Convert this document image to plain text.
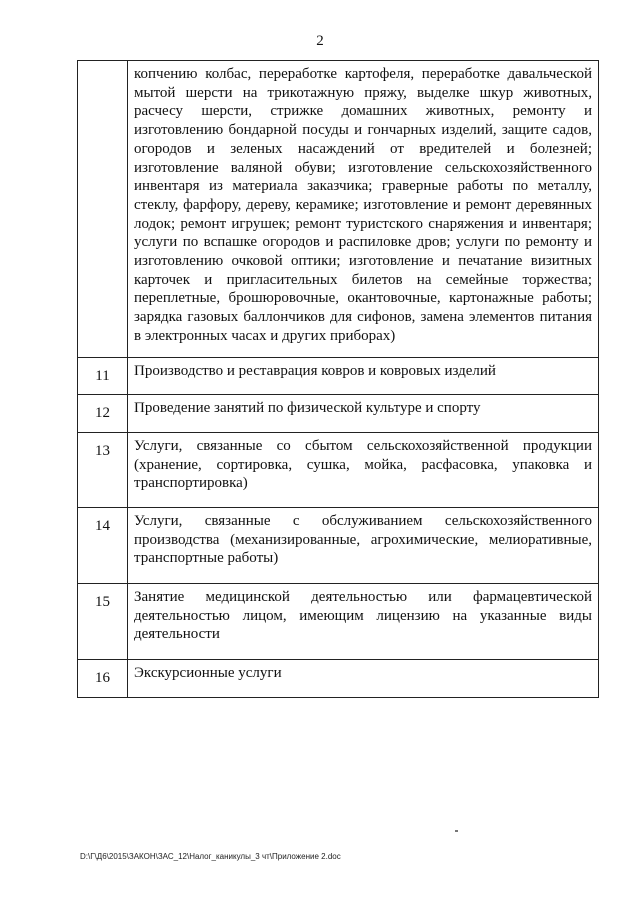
2
	копчению колбас, переработке картофеля, переработке давальческой мытой шерсти на трикотажную пряжу, выделке шкур животных, расчесу шерсти, стрижке домашних животных, ремонту и изготовлению бондарной посуды и гончарных изделий, защите садов, огородов и зеленых насаждений от вредителей и болезней; изготовление валяной обуви; изготовление сельскохозяйственного инвентаря из материала заказчика; граверные работы по металлу, стеклу, фарфору, дереву, керамике; изготовление и ремонт деревянных лодок; ремонт игрушек; ремонт туристского снаряжения и инвентаря; услуги по вспашке огородов и распиловке дров; услуги по ремонту и изготовлению очковой оптики; изготовление и печатание визитных карточек и пригласительных билетов на семейные торжества; переплетные, брошюровочные, окантовочные, картонажные работы; зарядка газовых баллончиков для сифонов, замена элементов питания в электронных часах и других приборах)
11	Производство и реставрация ковров и ковровых изделий
12	Проведение занятий по физической культуре и спорту
13	Услуги, связанные со сбытом сельскохозяйственной продукции (хранение, сортировка, сушка, мойка, расфасовка, упаковка и транспортировка)
14	Услуги, связанные с обслуживанием сельскохозяйственного производства (механизированные, агрохимические, мелиоративные, транспортные работы)
15	Занятие медицинской деятельностью или фармацевтической деятельностью лицом, имеющим лицензию на указанные виды деятельности
16	Экскурсионные услуги
D:\Г\Д6\2015\ЗАКОН\ЗАС_12\Налог_каникулы_3 чт\Приложение 2.doc
